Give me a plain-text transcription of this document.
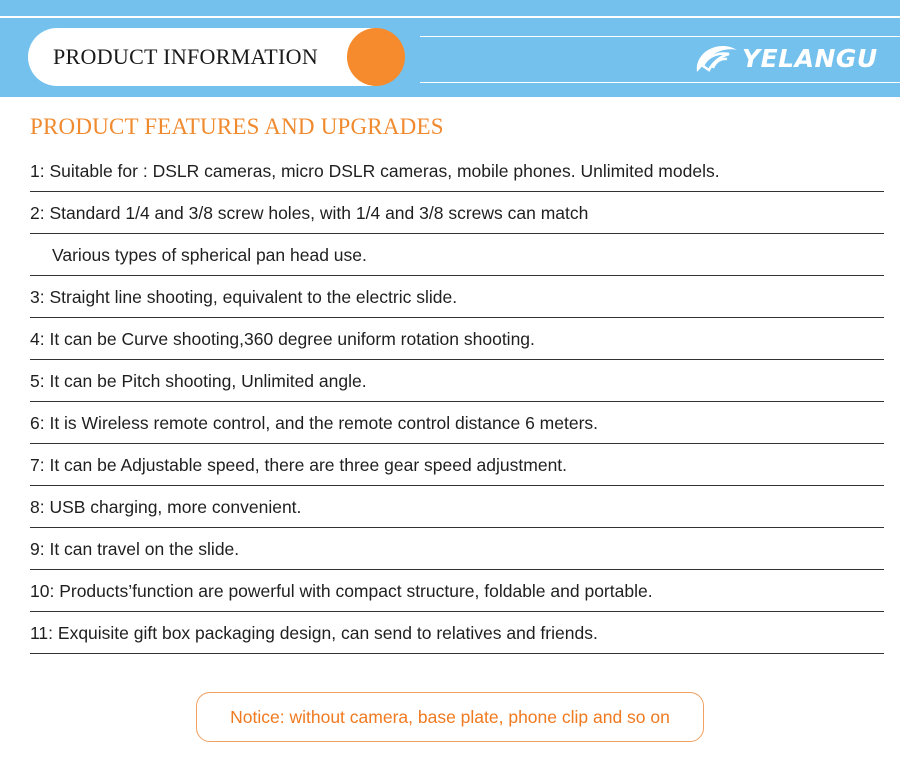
PRODUCT INFORMATION	YELANGU
PRODUCT FEATURES AND UPGRADES
1: Suitable for : DSLR cameras, micro DSLR cameras, mobile phones. Unlimited models.
2: Standard 1/4 and 3/8 screw holes, with 1/4 and 3/8 screws can match
Various types of spherical pan head use.
3: Straight line shooting, equivalent to the electric slide.
4: It can be Curve shooting,360 degree uniform rotation shooting.
5: It can be Pitch shooting, Unlimited angle.
6: It is Wireless remote control, and the remote control distance 6 meters.
7: It can be Adjustable speed, there are three gear speed adjustment.
8: USB charging, more convenient.
9: It can travel on the slide.
10: Products’function are powerful with compact structure, foldable and portable.
11: Exquisite gift box packaging design, can send to relatives and friends.
Notice: without camera, base plate, phone clip and so on
